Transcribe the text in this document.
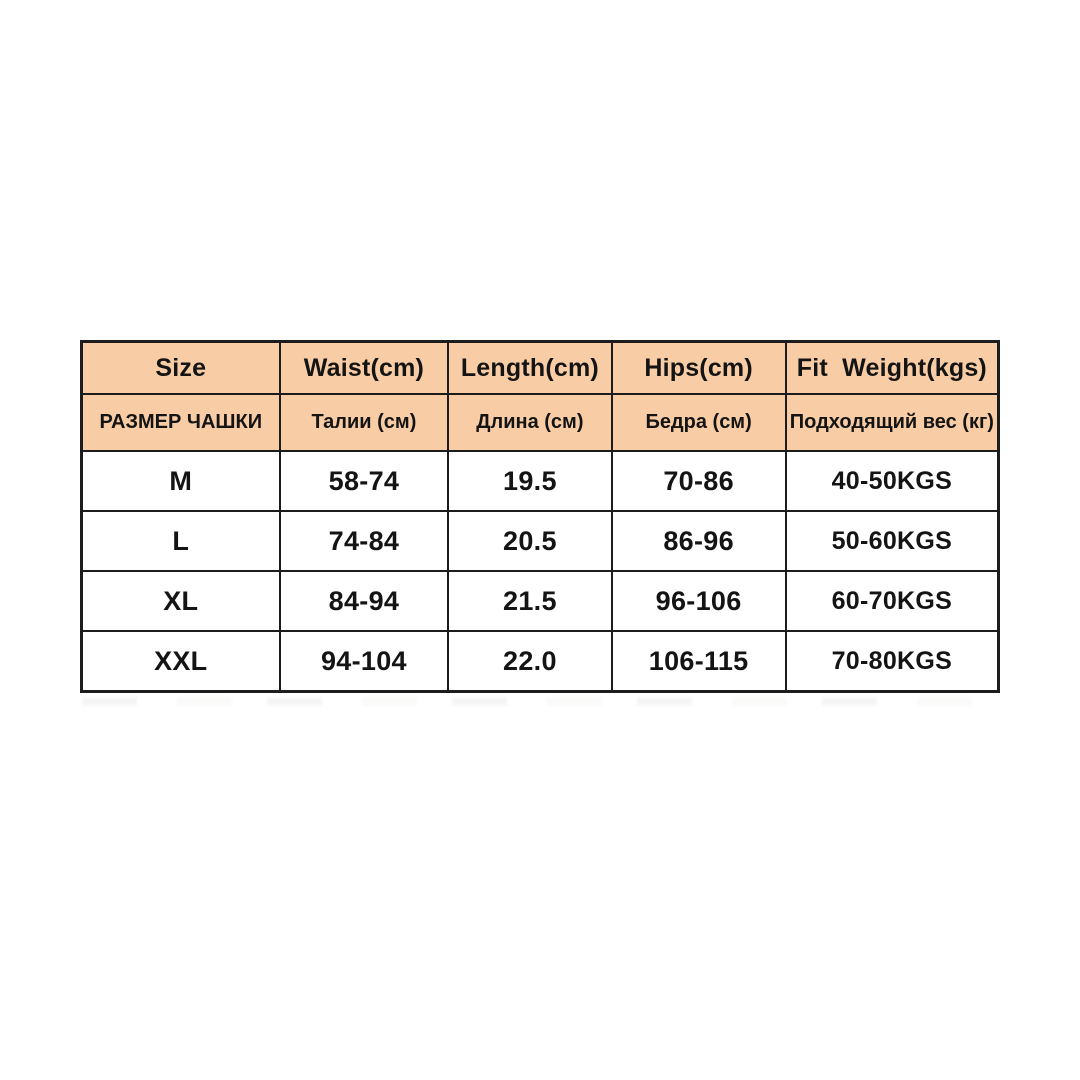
Size	Waist(cm)	Length(cm)	Hips(cm)	Fit  Weight(kgs)
РАЗМЕР ЧАШКИ	Талии (см)	Длина (см)	Бедра (см)	Подходящий вес (кг)
M	58-74	19.5	70-86	40-50KGS
L	74-84	20.5	86-96	50-60KGS
XL	84-94	21.5	96-106	60-70KGS
XXL	94-104	22.0	106-115	70-80KGS
